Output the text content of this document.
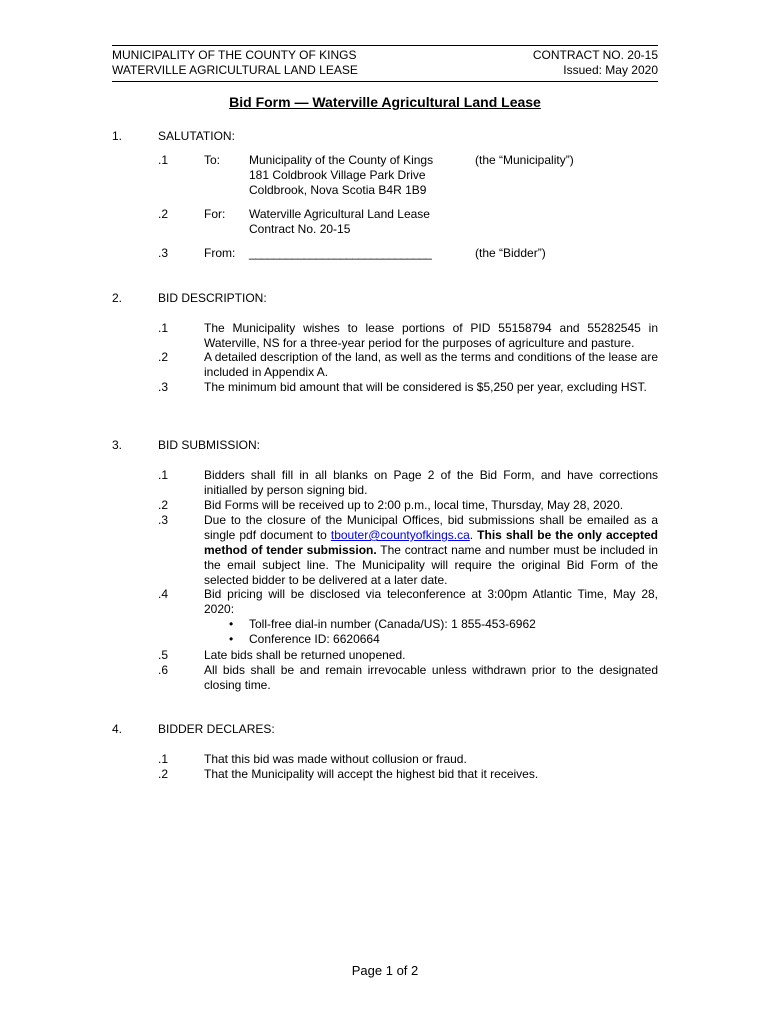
MUNICIPALITY OF THE COUNTY OF KINGS
WATERVILLE AGRICULTURAL LAND LEASE
CONTRACT NO. 20-15
Issued: May 2020
Bid Form — Waterville Agricultural Land Lease
1.	SALUTATION:
.1	To: Municipality of the County of Kings
181 Coldbrook Village Park Drive
Coldbrook, Nova Scotia B4R 1B9
(the “Municipality”)
.2	For: Waterville Agricultural Land Lease
Contract No. 20-15
.3	From: ______________________________	(the “Bidder”)
2.	BID DESCRIPTION:
.1	The Municipality wishes to lease portions of PID 55158794 and 55282545 in Waterville, NS for a three-year period for the purposes of agriculture and pasture.
.2	A detailed description of the land, as well as the terms and conditions of the lease are included in Appendix A.
.3	The minimum bid amount that will be considered is $5,250 per year, excluding HST.
3.	BID SUBMISSION:
.1	Bidders shall fill in all blanks on Page 2 of the Bid Form, and have corrections initialled by person signing bid.
.2	Bid Forms will be received up to 2:00 p.m., local time, Thursday, May 28, 2020.
.3	Due to the closure of the Municipal Offices, bid submissions shall be emailed as a single pdf document to tbouter@countyofkings.ca. This shall be the only accepted method of tender submission. The contract name and number must be included in the email subject line. The Municipality will require the original Bid Form of the selected bidder to be delivered at a later date.
.4	Bid pricing will be disclosed via teleconference at 3:00pm Atlantic Time, May 28, 2020:
• Toll-free dial-in number (Canada/US): 1 855-453-6962
• Conference ID: 6620664
.5	Late bids shall be returned unopened.
.6	All bids shall be and remain irrevocable unless withdrawn prior to the designated closing time.
4.	BIDDER DECLARES:
.1	That this bid was made without collusion or fraud.
.2	That the Municipality will accept the highest bid that it receives.
Page 1 of 2
